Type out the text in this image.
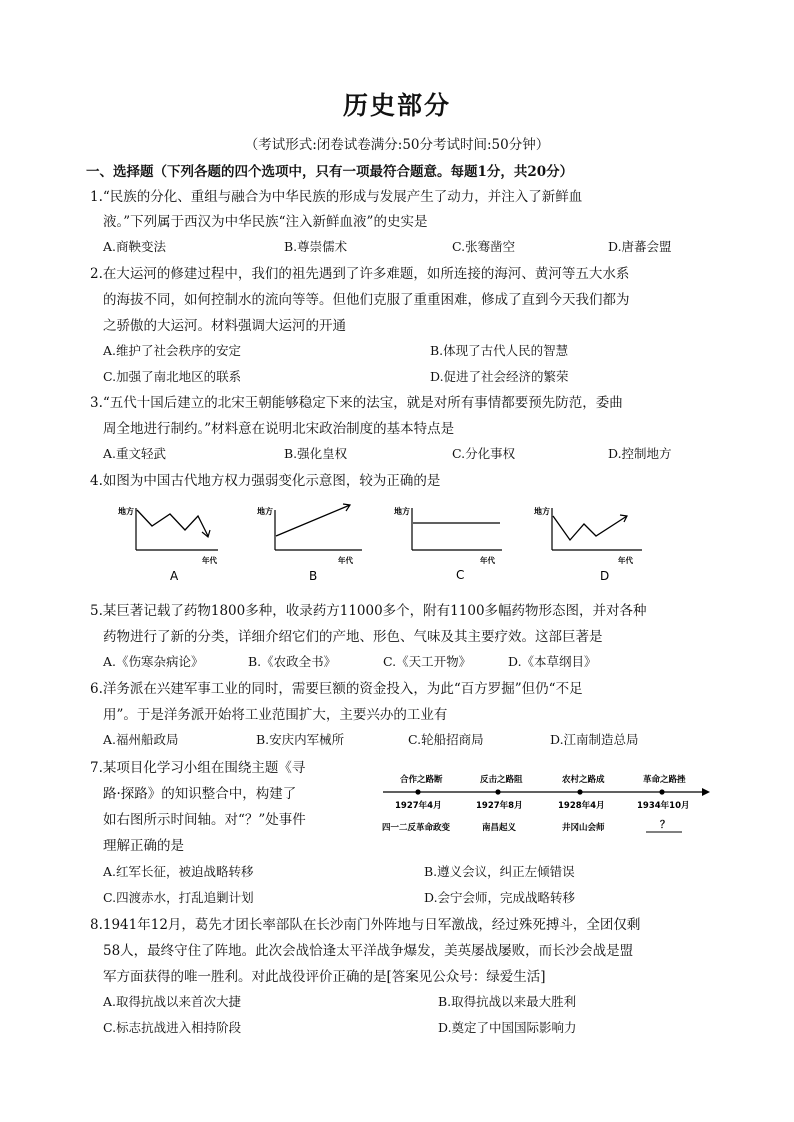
历史部分
（考试形式:闭卷试卷满分:50分考试时间:50分钟）
一、选择题（下列各题的四个选项中，只有一项最符合题意。每题1分，共20分）
1.“民族的分化、重组与融合为中华民族的形成与发展产生了动力，并注入了新鲜血
液。”下列属于西汉为中华民族“注入新鲜血液”的史实是
A.商鞅变法	B.尊崇儒术	C.张骞凿空	D.唐蕃会盟
2.在大运河的修建过程中，我们的祖先遇到了许多难题，如所连接的海河、黄河等五大水系
的海拔不同，如何控制水的流向等等。但他们克服了重重困难，修成了直到今天我们都为
之骄傲的大运河。材料强调大运河的开通
A.维护了社会秩序的安定	B.体现了古代人民的智慧
C.加强了南北地区的联系	D.促进了社会经济的繁荣
3.“五代十国后建立的北宋王朝能够稳定下来的法宝，就是对所有事情都要预先防范，委曲
周全地进行制约。”材料意在说明北宋政治制度的基本特点是
A.重文轻武	B.强化皇权	C.分化事权	D.控制地方
4.如图为中国古代地方权力强弱变化示意图，较为正确的是
地方
年代
A
地方
年代
B
地方
年代
C
地方
年代
D
5.某巨著记载了药物1800多种，收录药方11000多个，附有1100多幅药物形态图，并对各种
药物进行了新的分类，详细介绍它们的产地、形色、气味及其主要疗效。这部巨著是
A.《伤寒杂病论》	B.《农政全书》	C.《天工开物》	D.《本草纲目》
6.洋务派在兴建军事工业的同时，需要巨额的资金投入，为此“百方罗掘”但仍“不足
用”。于是洋务派开始将工业范围扩大，主要兴办的工业有
A.福州船政局	B.安庆内军械所	C.轮船招商局	D.江南制造总局
7.某项目化学习小组在围绕主题《寻
路·探路》的知识整合中，构建了
如右图所示时间轴。对“？”处事件
理解正确的是
合作之路断	反击之路阻	农村之路成	革命之路挫
1927年4月	1927年8月	1928年4月	1934年10月
四一二反革命政变	南昌起义	井冈山会师	？
A.红军长征，被迫战略转移	B.遵义会议，纠正左倾错误
C.四渡赤水，打乱追剿计划	D.会宁会师，完成战略转移
8.1941年12月，葛先才团长率部队在长沙南门外阵地与日军激战，经过殊死搏斗，全团仅剩
58人，最终守住了阵地。此次会战恰逢太平洋战争爆发，美英屡战屡败，而长沙会战是盟
军方面获得的唯一胜利。对此战役评价正确的是[答案见公众号：绿爱生活]
A.取得抗战以来首次大捷	B.取得抗战以来最大胜利
C.标志抗战进入相持阶段	D.奠定了中国国际影响力
